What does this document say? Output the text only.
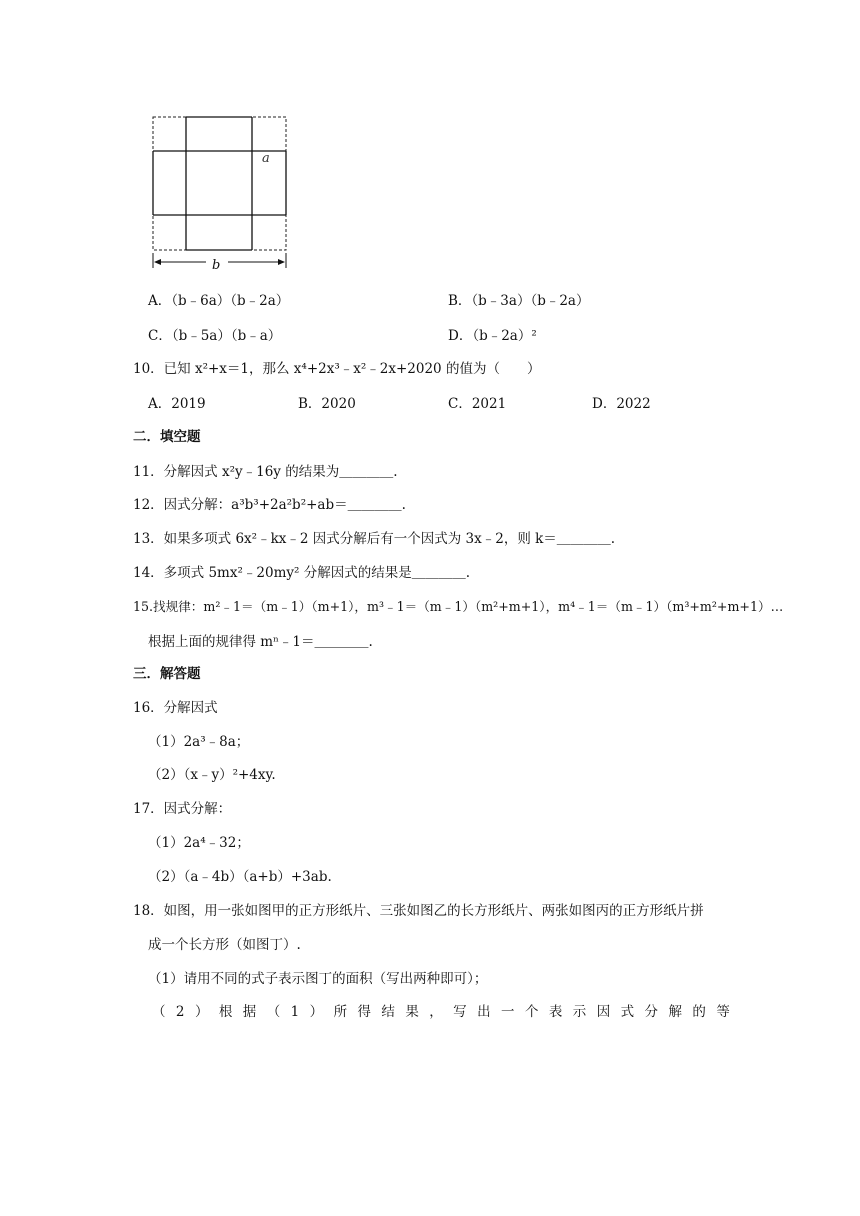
a
b
A．（b﹣6a）（b﹣2a）	B．（b﹣3a）（b﹣2a）
C．（b﹣5a）（b﹣a）	D．（b﹣2a）²
10．已知 x²+x＝1，那么 x⁴+2x³﹣x²﹣2x+2020 的值为（　　）
A．2019	B．2020	C．2021	D．2022
二．填空题
11．分解因式 x²y﹣16y 的结果为＿＿＿＿.
12．因式分解：a³b³+2a²b²+ab＝＿＿＿＿.
13．如果多项式 6x²﹣kx﹣2 因式分解后有一个因式为 3x﹣2，则 k＝＿＿＿＿.
14．多项式 5mx²﹣20my² 分解因式的结果是＿＿＿＿.
15.找规律：m²﹣1＝（m﹣1）（m+1），m³﹣1＝（m﹣1）（m²+m+1），m⁴﹣1＝（m﹣1）（m³+m²+m+1）…
根据上面的规律得 mⁿ﹣1＝＿＿＿＿.
三．解答题
16．分解因式
（1）2a³﹣8a；
（2）（x﹣y）²+4xy.
17．因式分解：
（1）2a⁴﹣32；
（2）（a﹣4b）（a+b）+3ab.
18．如图，用一张如图甲的正方形纸片、三张如图乙的长方形纸片、两张如图丙的正方形纸片拼
成一个长方形（如图丁）.
（1）请用不同的式子表示图丁的面积（写出两种即可）；
（ 2 ） 根 据 （ 1 ） 所 得 结 果 ， 写 出 一 个 表 示 因 式 分 解 的 等
